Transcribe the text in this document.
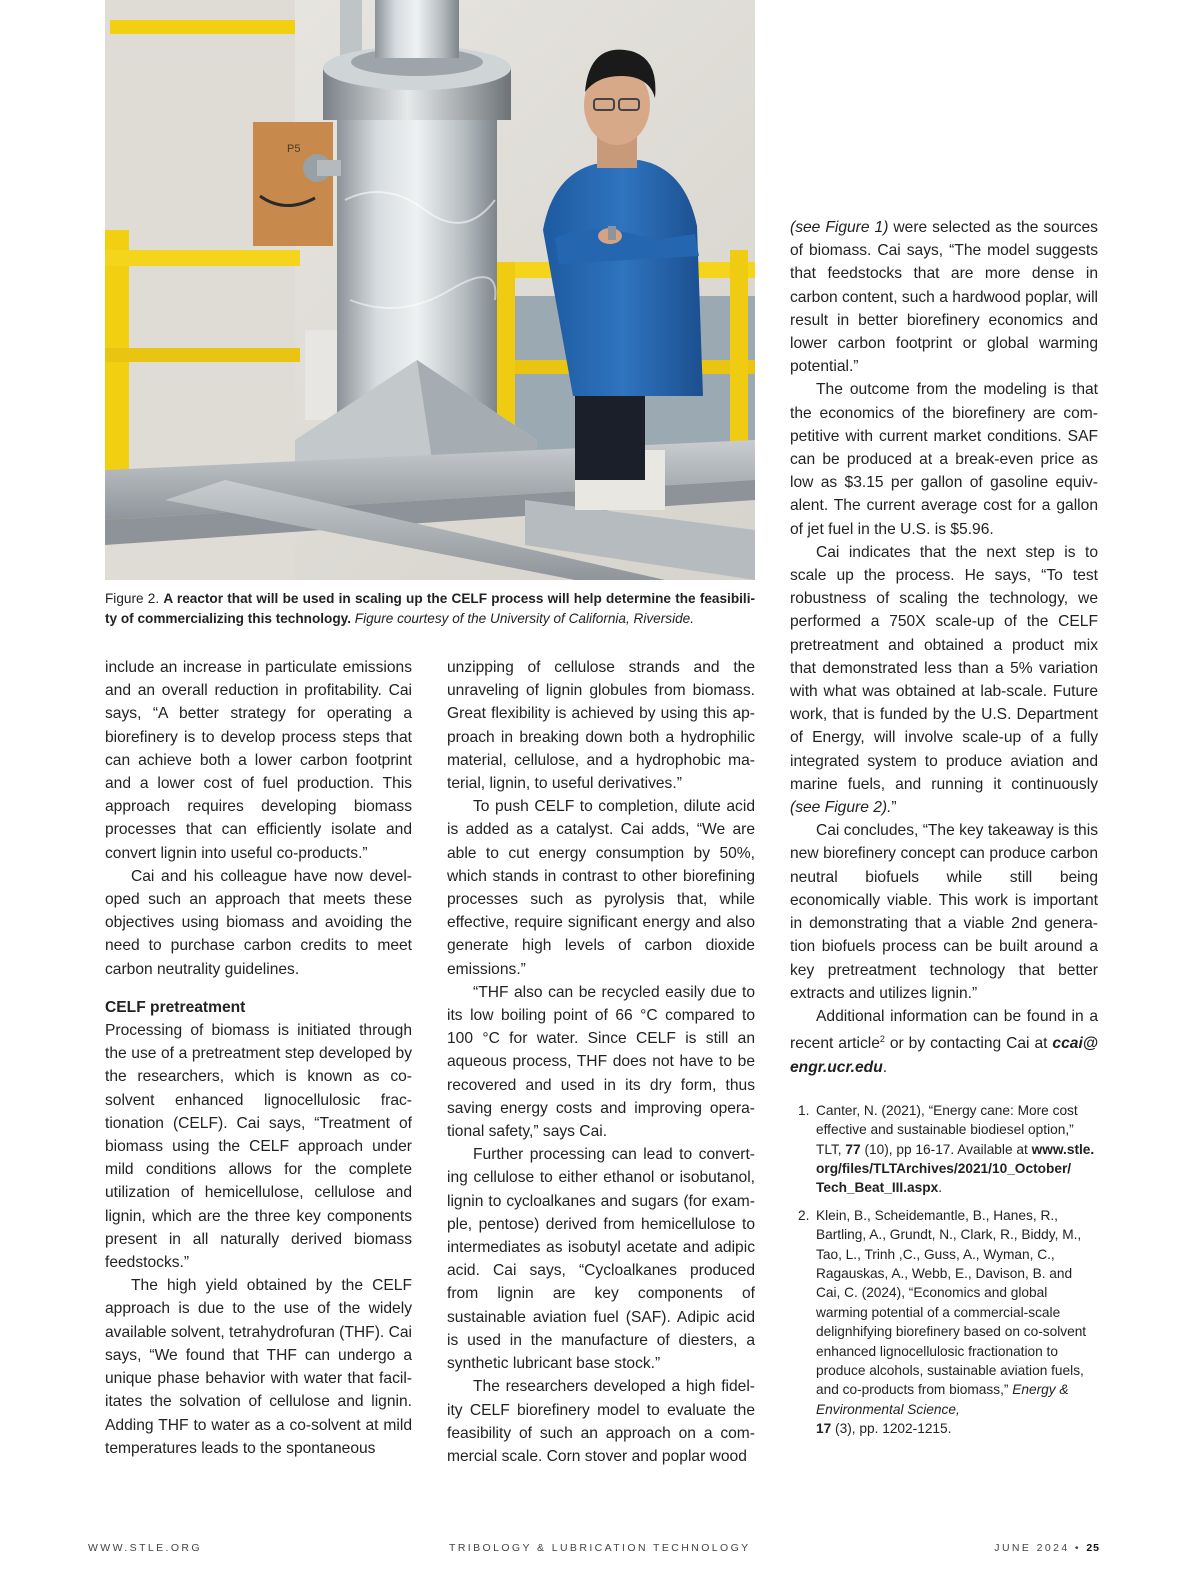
P5
Figure 2. A reactor that will be used in scaling up the CELF process will help determine the feasibili-ty of commercializing this technology. Figure courtesy of the University of California, Riverside.

include an increase in particulate emissions and an overall reduction in profitability. Cai says, “A better strategy for operating a biorefinery is to develop process steps that can achieve both a lower carbon footprint and a lower cost of fuel production. This approach requires developing biomass processes that can efficiently isolate and convert lignin into useful co-products.”

Cai and his colleague have now developed such an approach that meets these objectives using biomass and avoiding the need to purchase carbon credits to meet carbon neutrality guidelines.

CELF pretreatment

Processing of biomass is initiated through the use of a pretreatment step developed by the researchers, which is known as co-solvent enhanced lignocellulosic fractionation (CELF). Cai says, “Treatment of biomass using the CELF approach under mild conditions allows for the complete utilization of hemicellulose, cellulose and lignin, which are the three key components present in all naturally derived biomass feedstocks.”

The high yield obtained by the CELF approach is due to the use of the widely available solvent, tetrahydrofuran (THF). Cai says, “We found that THF can undergo a unique phase behavior with water that facilitates the solvation of cellulose and lignin. Adding THF to water as a co-solvent at mild temperatures leads to the spontaneous

unzipping of cellulose strands and the unraveling of lignin globules from biomass. Great flexibility is achieved by using this approach in breaking down both a hydrophilic material, cellulose, and a hydrophobic material, lignin, to useful derivatives.”

To push CELF to completion, dilute acid is added as a catalyst. Cai adds, “We are able to cut energy consumption by 50%, which stands in contrast to other biorefining processes such as pyrolysis that, while effective, require significant energy and also generate high levels of carbon dioxide emissions.”

“THF also can be recycled easily due to its low boiling point of 66 °C compared to 100 °C for water. Since CELF is still an aqueous process, THF does not have to be recovered and used in its dry form, thus saving energy costs and improving operational safety,” says Cai.

Further processing can lead to converting cellulose to either ethanol or isobutanol, lignin to cycloalkanes and sugars (for example, pentose) derived from hemicellulose to intermediates as isobutyl acetate and adipic acid. Cai says, “Cycloalkanes produced from lignin are key components of sustainable aviation fuel (SAF). Adipic acid is used in the manufacture of diesters, a synthetic lubricant base stock.”

The researchers developed a high fidelity CELF biorefinery model to evaluate the feasibility of such an approach on a commercial scale. Corn stover and poplar wood

(see Figure 1) were selected as the sources of biomass. Cai says, “The model suggests that feedstocks that are more dense in carbon content, such a hardwood poplar, will result in better biorefinery economics and lower carbon footprint or global warming potential.”

The outcome from the modeling is that the economics of the biorefinery are competitive with current market conditions. SAF can be produced at a break-even price as low as $3.15 per gallon of gasoline equivalent. The current average cost for a gallon of jet fuel in the U.S. is $5.96.

Cai indicates that the next step is to scale up the process. He says, “To test robustness of scaling the technology, we performed a 750X scale-up of the CELF pretreatment and obtained a product mix that demonstrated less than a 5% variation with what was obtained at lab-scale. Future work, that is funded by the U.S. Department of Energy, will involve scale-up of a fully integrated system to produce aviation and marine fuels, and running it continuously (see Figure 2).”

Cai concludes, “The key takeaway is this new biorefinery concept can produce carbon neutral biofuels while still being economically viable. This work is important in demonstrating that a viable 2nd generation biofuels process can be built around a key pretreatment technology that better extracts and utilizes lignin.”

Additional information can be found in a recent article$^2$ or by contacting Cai at ccai@ engr.ucr.edu.

1. Canter, N. (2021), “Energy cane: More cost effective and sustainable biodiesel option,” TLT, 77 (10), pp 16-17. Available at www.stle. org/files/TLTArchives/2021/10_October/ Tech_Beat_III.aspx.
2. Klein, B., Scheidemantle, B., Hanes, R., Bartling, A., Grundt, N., Clark, R., Biddy, M., Tao, L., Trinh ,C., Guss, A., Wyman, C., Ragauskas, A., Webb, E., Davison, B. and Cai, C. (2024), “Economics and global warming potential of a commercial-scale delignhifying biorefinery based on co-solvent enhanced lignocellulosic fractionation to produce alcohols, sustainable aviation fuels, and co-products from biomass,” Energy & Environmental Science,
17 (3), pp. 1202-1215.
WWW.STLE.ORG	TRIBOLOGY & LUBRICATION TECHNOLOGY	JUNE 2024 • 25
